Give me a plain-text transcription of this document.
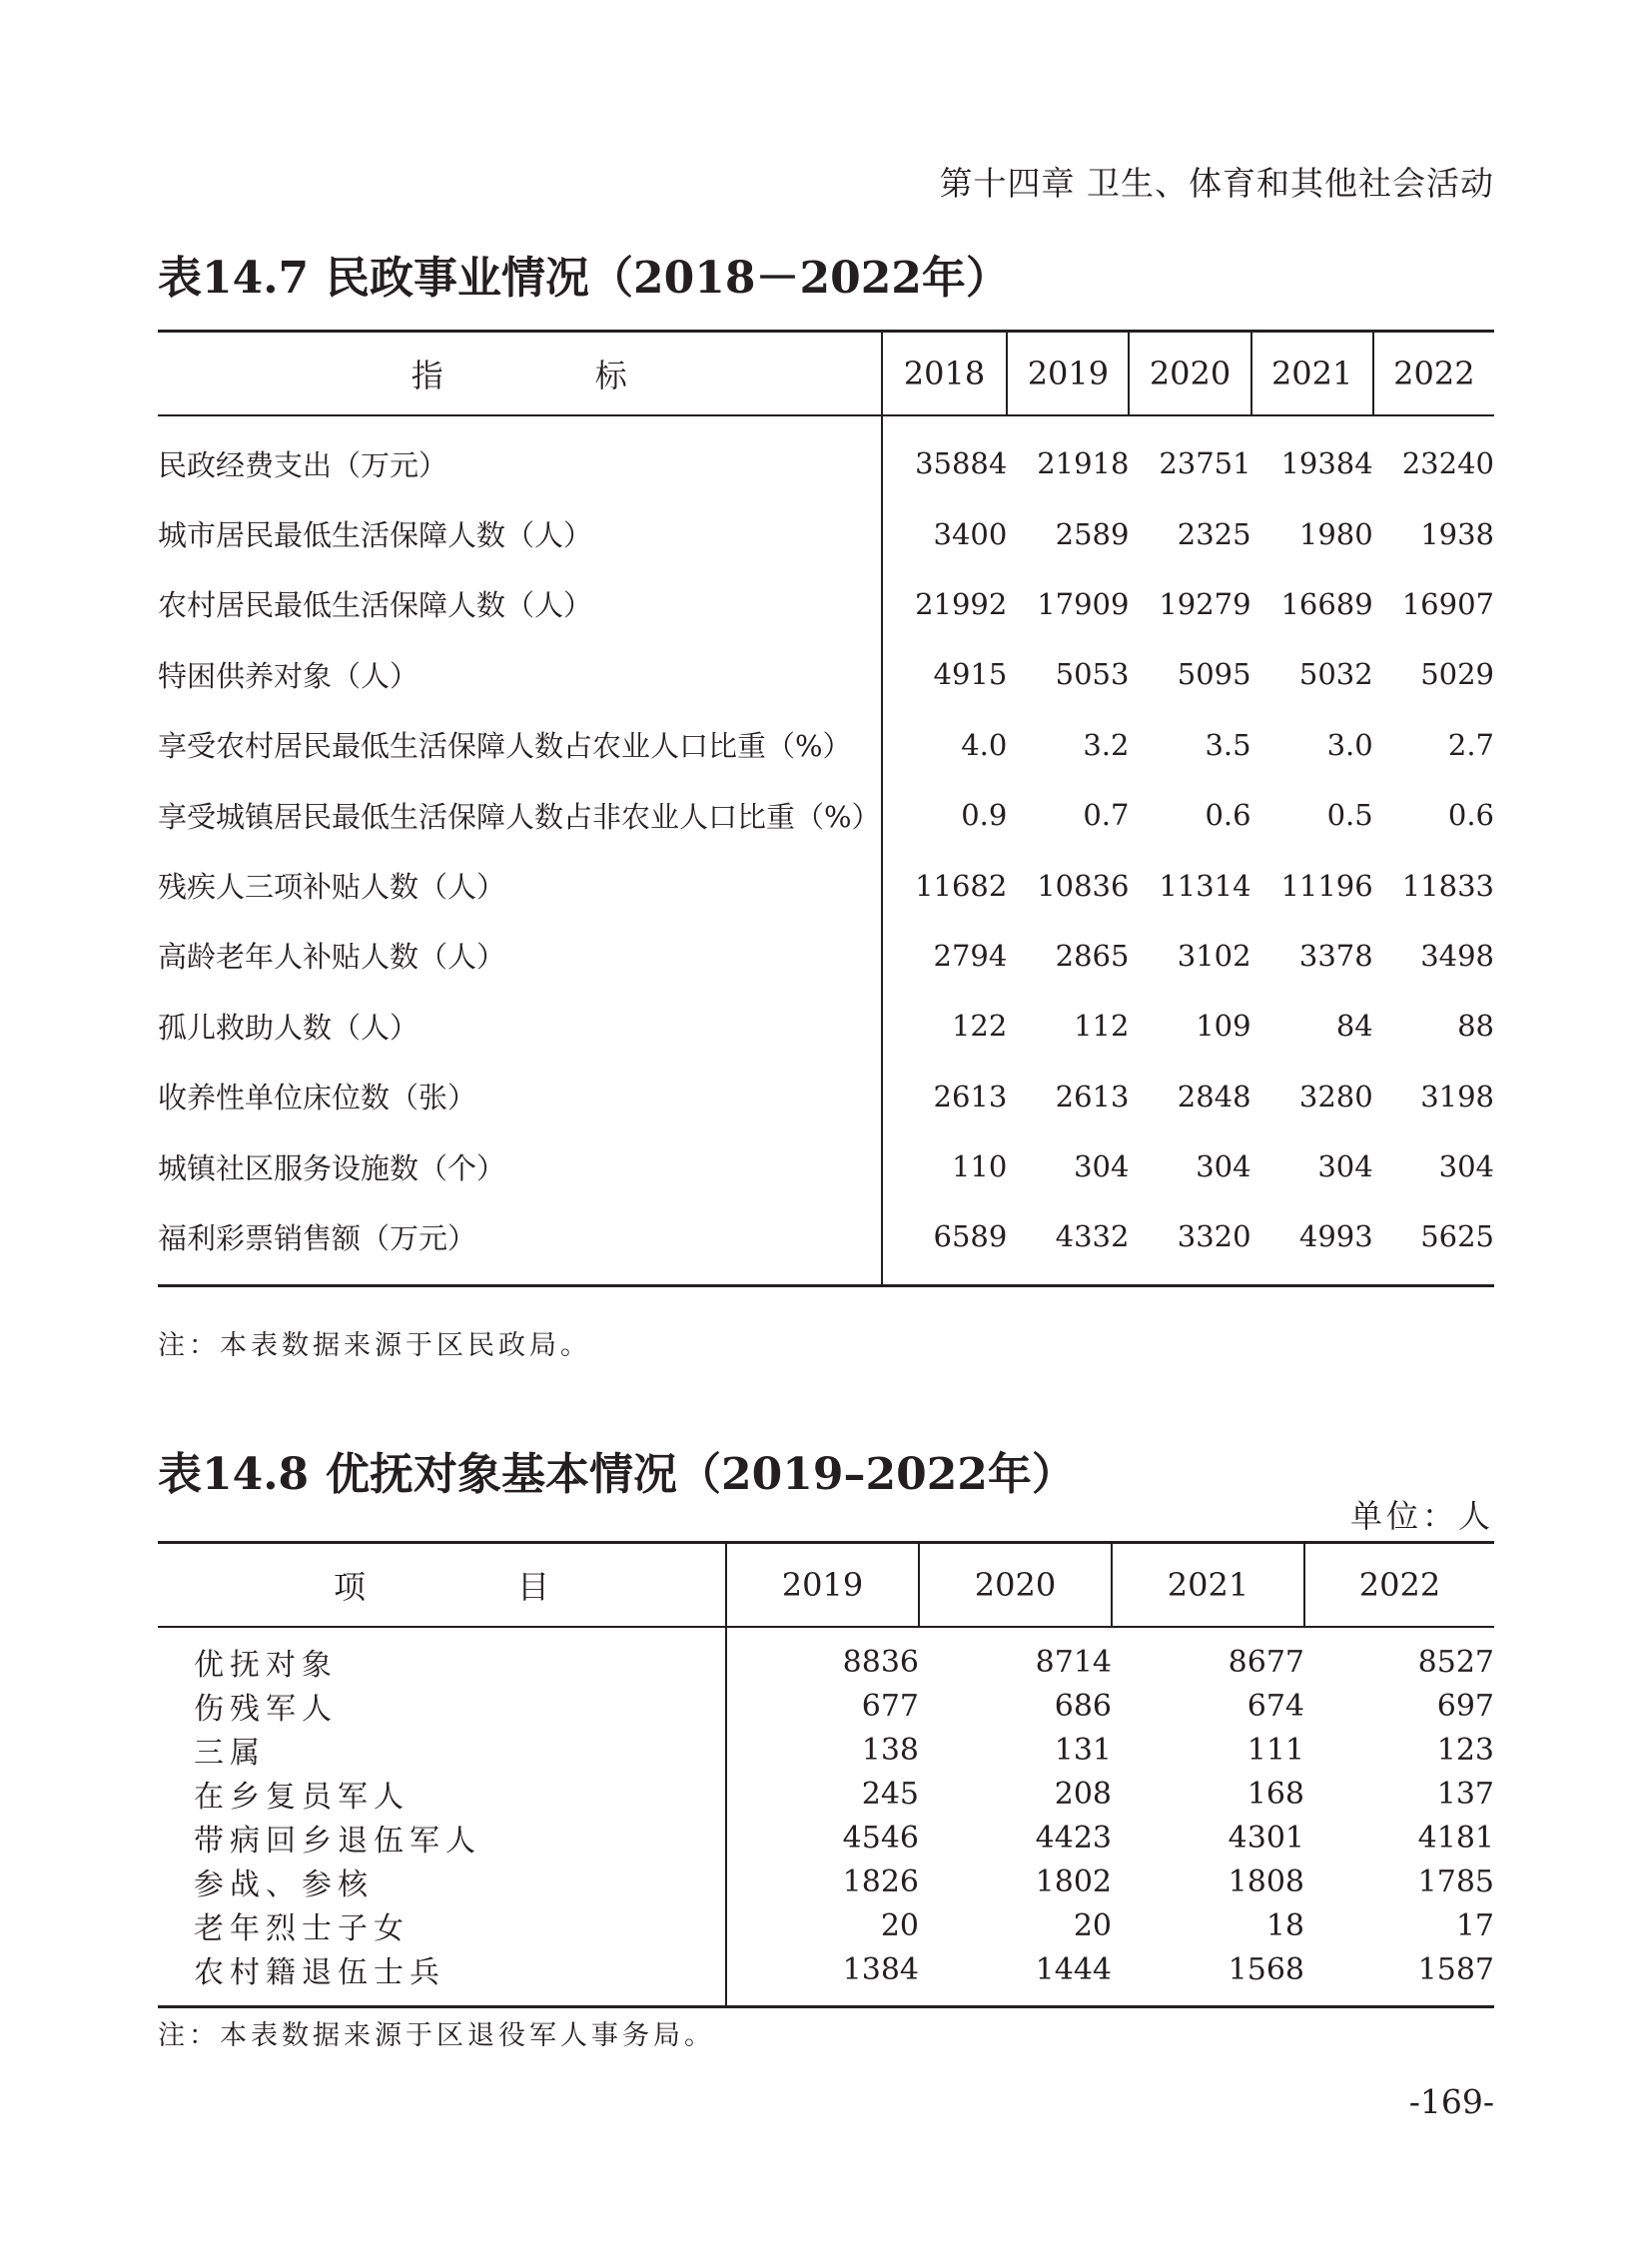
第十四章 卫生、体育和其他社会活动
表14.7 民政事业情况（2018－2022年）
指　标	2018	2019	2020	2021	2022
民政经费支出（万元）	35884	21918	23751	19384	23240
城市居民最低生活保障人数（人）	3400	2589	2325	1980	1938
农村居民最低生活保障人数（人）	21992	17909	19279	16689	16907
特困供养对象（人）	4915	5053	5095	5032	5029
享受农村居民最低生活保障人数占农业人口比重（%）	4.0	3.2	3.5	3.0	2.7
享受城镇居民最低生活保障人数占非农业人口比重（%）	0.9	0.7	0.6	0.5	0.6
残疾人三项补贴人数（人）	11682	10836	11314	11196	11833
高龄老年人补贴人数（人）	2794	2865	3102	3378	3498
孤儿救助人数（人）	122	112	109	84	88
收养性单位床位数（张）	2613	2613	2848	3280	3198
城镇社区服务设施数（个）	110	304	304	304	304
福利彩票销售额（万元）	6589	4332	3320	4993	5625
注：本表数据来源于区民政局。
表14.8 优抚对象基本情况（2019–2022年）
单位：人
项　目	2019	2020	2021	2022
优抚对象	8836	8714	8677	8527
伤残军人	677	686	674	697
三属	138	131	111	123
在乡复员军人	245	208	168	137
带病回乡退伍军人	4546	4423	4301	4181
参战、参核	1826	1802	1808	1785
老年烈士子女	20	20	18	17
农村籍退伍士兵	1384	1444	1568	1587
注：本表数据来源于区退役军人事务局。
-169-
